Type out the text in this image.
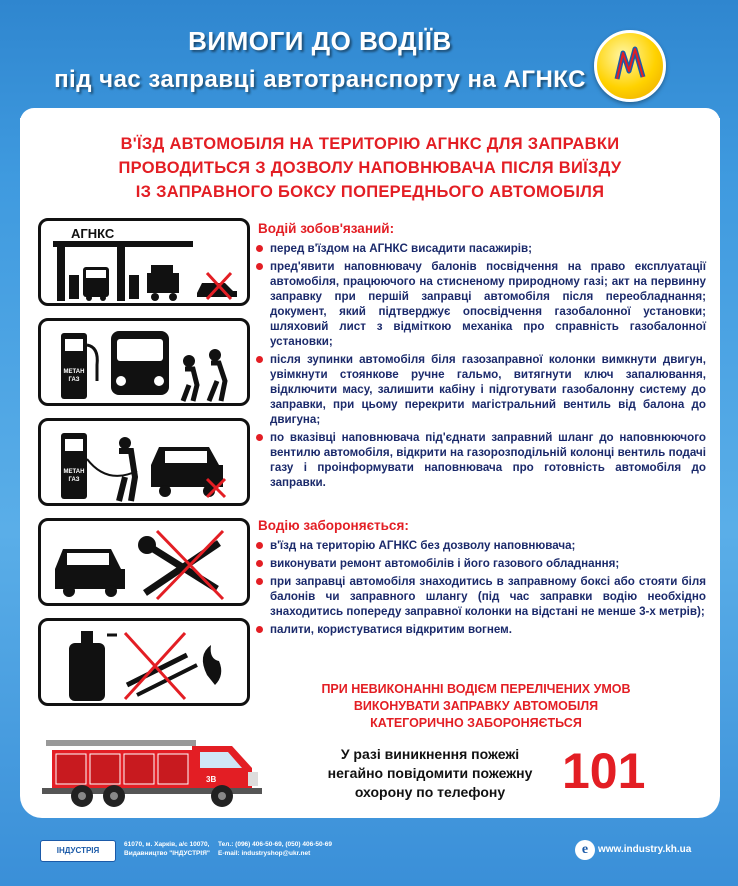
ВИМОГИ ДО ВОДІЇВ
під час заправці автотранспорту на АГНКС
В'ЇЗД АВТОМОБІЛЯ НА ТЕРИТОРІЮ АГНКС ДЛЯ ЗАПРАВКИ
ПРОВОДИТЬСЯ З ДОЗВОЛУ НАПОВНЮВАЧА ПІСЛЯ ВИЇЗДУ
ІЗ ЗАПРАВНОГО БОКСУ ПОПЕРЕДНЬОГО АВТОМОБІЛЯ
АГНКС
МЕТАН
ГАЗ
МЕТАН
ГАЗ
Водій зобов'язаний:
перед в'їздом на АГНКС висадити пасажирів;
пред'явити наповнювачу балонів посвідчення на право експлуатації автомобіля, працюючого на стисненому природному газі; акт на первинну заправку при першій заправці автомобіля після переобладнання; документ, який підтверджує опосвідчення газобалонної установки; шляховий лист з відміткою механіка про справність газобалонної установки;
після зупинки автомобіля біля газозаправної колонки вимкнути двигун, увімкнути стоянкове ручне гальмо, витягнути ключ запалювання, відключити масу, залишити кабіну і підготувати газобалонну систему до заправки, при цьому перекрити магістральний вентиль від балона до двигуна;
по вказівці наповнювача під'єднати заправний шланг до наповнюючого вентилю автомобіля, відкрити на газорозподільній колонці вентиль подачі газу і проінформувати наповнювача про готовність автомобіля до заправки.
Водію забороняється:
в'їзд на територію АГНКС без дозволу наповнювача;
виконувати ремонт автомобілів і його газового обладнання;
при заправці автомобіля знаходитись в заправному боксі або стояти біля балонів чи заправного шлангу (під час заправки водію необхідно знаходитись попереду заправної колонки на відстані не менше 3-х метрів);
палити, користуватися відкритим вогнем.
ПРИ НЕВИКОНАННІ ВОДІЄМ ПЕРЕЛІЧЕНИХ УМОВ
ВИКОНУВАТИ ЗАПРАВКУ АВТОМОБІЛЯ
КАТЕГОРИЧНО ЗАБОРОНЯЄТЬСЯ
3В
У разі виникнення пожежі
негайно повідомити пожежну
охорону по телефону	101
ІНДУСТРІЯ
61070, м. Харків, а/с 10070,
Видавництво "ІНДУСТРІЯ"
Тел.: (096) 406-50-69, (050) 406-50-69
E-mail: industryshop@ukr.net	e www.industry.kh.ua
